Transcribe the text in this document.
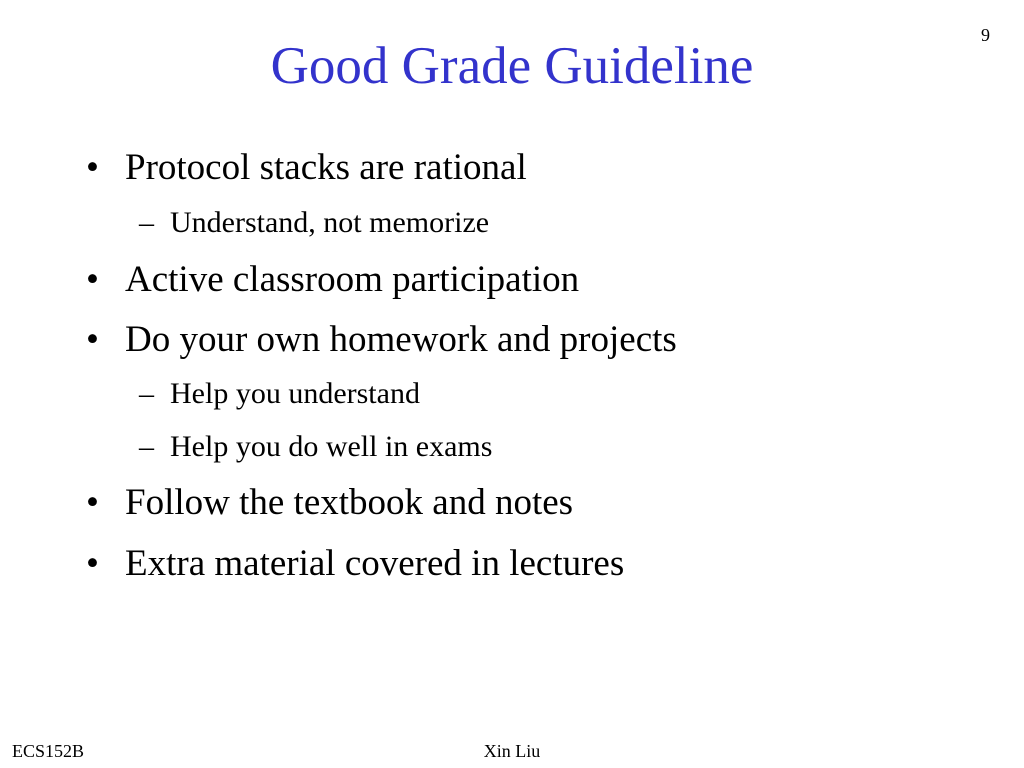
9
Good Grade Guideline
• Protocol stacks are rational
– Understand, not memorize
• Active classroom participation
• Do your own homework and projects
– Help you understand
– Help you do well in exams
• Follow the textbook and notes
• Extra material covered in lectures
ECS152B	Xin Liu
